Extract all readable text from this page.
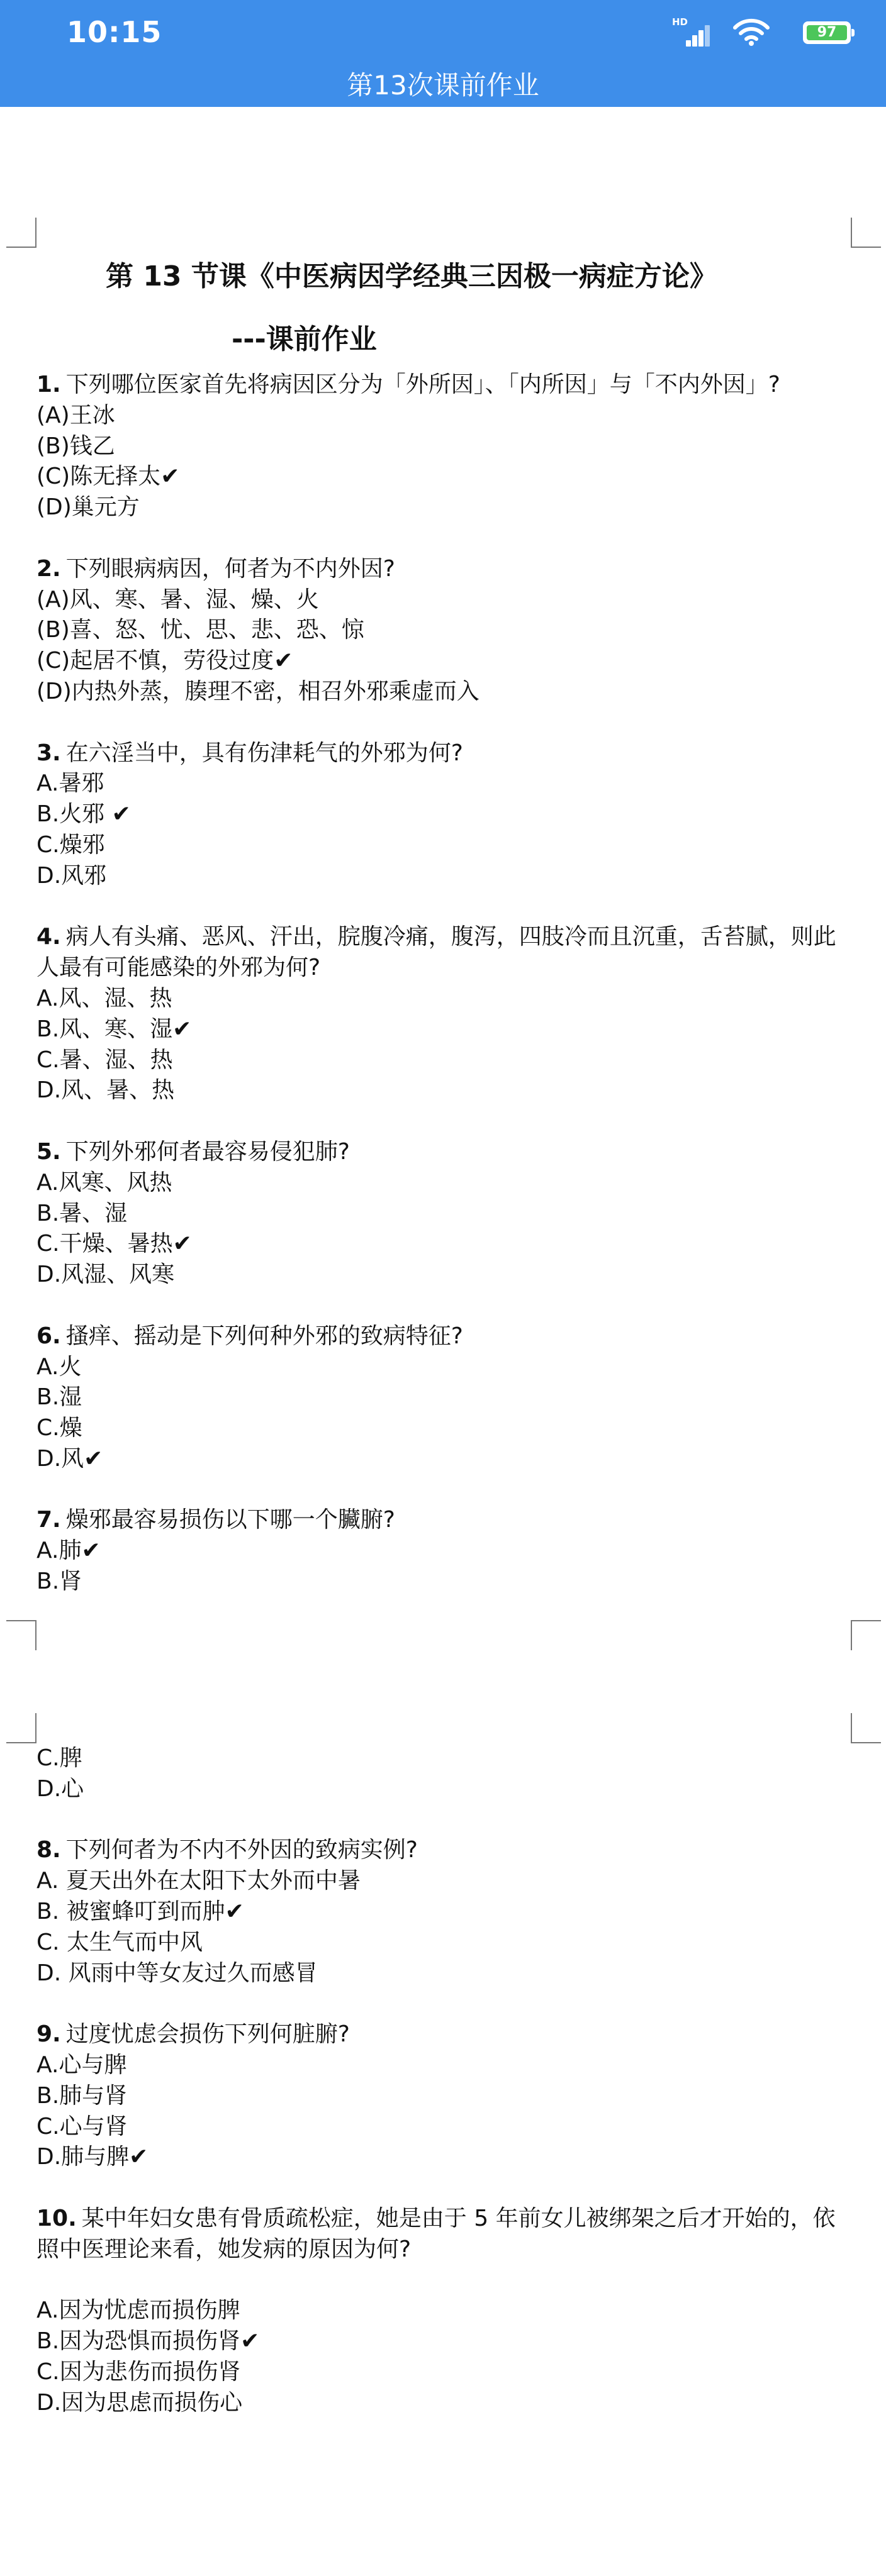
10:15	HD
97
第13次课前作业
第 13 节课《中医病因学经典三因极一病症方论》
---课前作业
1. 下列哪位医家首先将病因区分为「外所因」、「内所因」与「不内外因」?
(A)王冰
(B)钱乙
(C)陈无择太✔
(D)巢元方
2. 下列眼病病因，何者为不内外因?
(A)风、寒、暑、湿、燥、火
(B)喜、怒、忧、思、悲、恐、惊
(C)起居不慎，劳役过度✔
(D)内热外蒸，腠理不密，相召外邪乘虚而入
3. 在六淫当中，具有伤津耗气的外邪为何?
A.暑邪
B.火邪 ✔
C.燥邪
D.风邪
4. 病人有头痛、恶风、汗出，脘腹冷痛，腹泻，四肢冷而且沉重，舌苔腻，则此人最有可能感染的外邪为何?
A.风、湿、热
B.风、寒、湿✔
C.暑、湿、热
D.风、暑、热
5. 下列外邪何者最容易侵犯肺?
A.风寒、风热
B.暑、湿
C.干燥、暑热✔
D.风湿、风寒
6. 搔痒、摇动是下列何种外邪的致病特征?
A.火
B.湿
C.燥
D.风✔
7. 燥邪最容易损伤以下哪一个臟腑?
A.肺✔
B.肾
C.脾
D.心
8. 下列何者为不内不外因的致病实例?
A. 夏天出外在太阳下太外而中暑
B. 被蜜蜂叮到而肿✔
C. 太生气而中风
D. 风雨中等女友过久而感冒
9. 过度忧虑会损伤下列何脏腑?
A.心与脾
B.肺与肾
C.心与肾
D.肺与脾✔
10. 某中年妇女患有骨质疏松症，她是由于 5 年前女儿被绑架之后才开始的，依照中医理论来看，她发病的原因为何?
A.因为忧虑而损伤脾
B.因为恐惧而损伤肾✔
C.因为悲伤而损伤肾
D.因为思虑而损伤心
